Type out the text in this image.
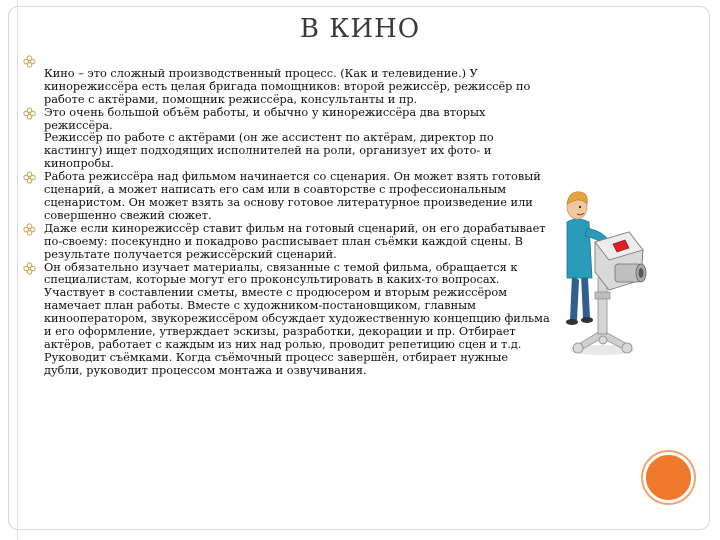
В КИНО

Кино – это сложный производственный процесс. (Как и телевидение.) У кинорежиссёра есть целая бригада помощников: второй режиссёр, режиссёр по работе с актёрами, помощник режиссёра, консультанты и пр.
Это очень большой объём работы, и обычно у кинорежиссёра два вторых режиссёра.
Режиссёр по работе с актёрами (он же ассистент по актёрам, директор по кастингу) ищет подходящих исполнителей на роли, организует их фото- и кинопробы.
Работа режиссёра над фильмом начинается со сценария. Он может взять готовый сценарий, а может написать его сам или в соавторстве с профессиональным сценаристом. Он может взять за основу готовое литературное произведение или совершенно свежий сюжет.
Даже если кинорежиссёр ставит фильм на готовый сценарий, он его дорабатывает по-своему: посекундно и покадрово расписывает план съёмки каждой сцены. В результате получается режиссёрский сценарий.
Он обязательно изучает материалы, связанные с темой фильма, обращается к специалистам, которые могут его проконсультировать в каких-то вопросах. Участвует в составлении сметы, вместе с продюсером и вторым режиссёром намечает план работы. Вместе с художником-постановщиком, главным кинооператором, звукорежиссёром обсуждает художественную концепцию фильма и его оформление, утверждает эскизы, разработки, декорации и пр. Отбирает актёров, работает с каждым из них над ролью, проводит репетицию сцен и т.д. Руководит съёмками. Когда съёмочный процесс завершён, отбирает нужные дубли, руководит процессом монтажа и озвучивания.
